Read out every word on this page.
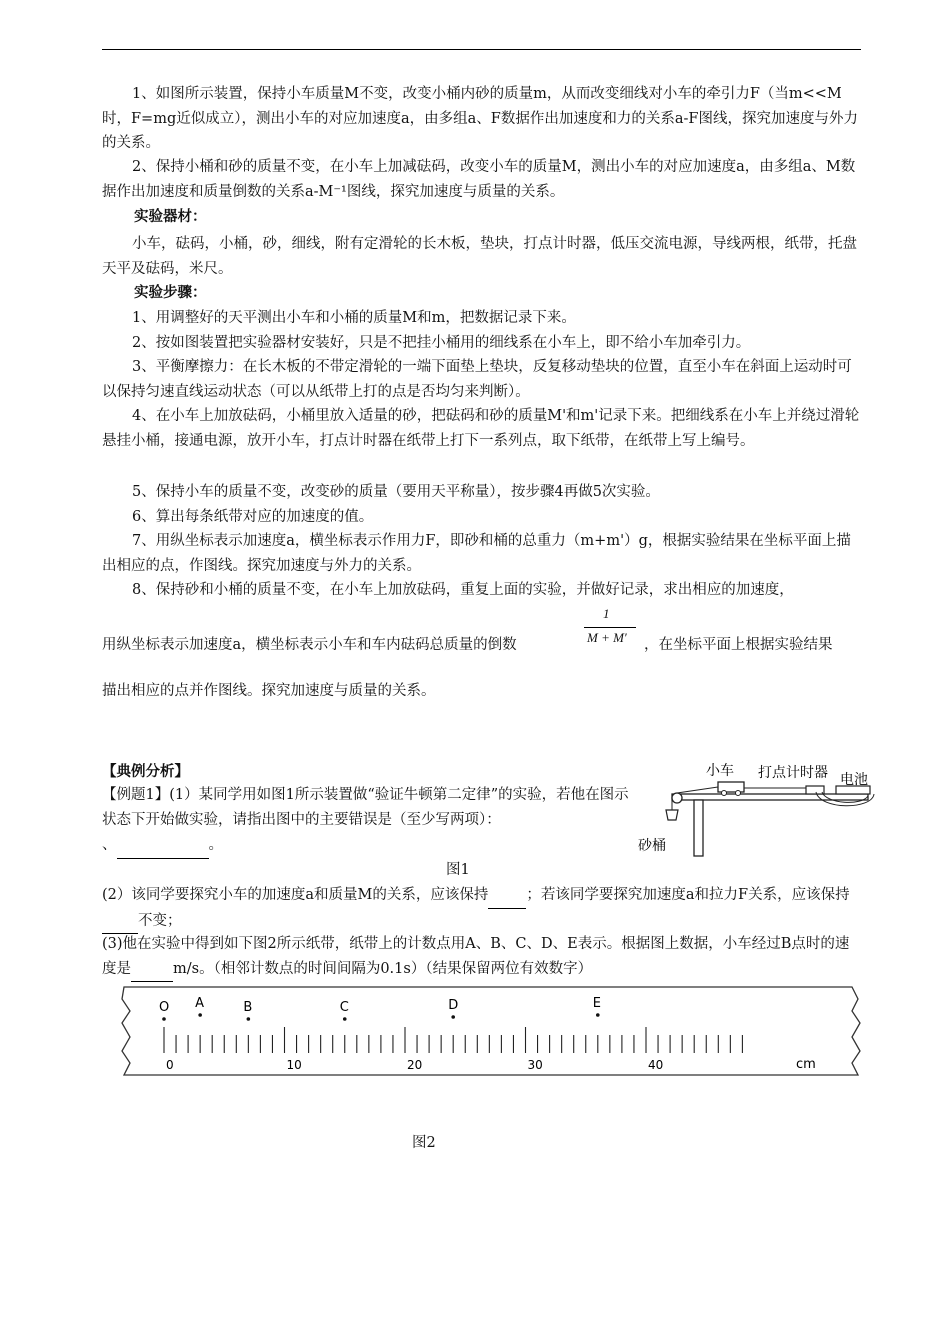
1、如图所示装置，保持小车质量M不变，改变小桶内砂的质量m，从而改变细线对小车的牵引力F（当m<<M时，F=mg近似成立），测出小车的对应加速度a，由多组a、F数据作出加速度和力的关系a-F图线，探究加速度与外力的关系。

2、保持小桶和砂的质量不变，在小车上加减砝码，改变小车的质量M，测出小车的对应加速度a，由多组a、M数据作出加速度和质量倒数的关系a-M⁻¹图线，探究加速度与质量的关系。

实验器材：

小车，砝码，小桶，砂，细线，附有定滑轮的长木板，垫块，打点计时器，低压交流电源，导线两根，纸带，托盘天平及砝码，米尺。

实验步骤：

1、用调整好的天平测出小车和小桶的质量M和m，把数据记录下来。

2、按如图装置把实验器材安装好，只是不把挂小桶用的细线系在小车上，即不给小车加牵引力。

3、平衡摩擦力：在长木板的不带定滑轮的一端下面垫上垫块，反复移动垫块的位置，直至小车在斜面上运动时可以保持匀速直线运动状态（可以从纸带上打的点是否均匀来判断）。

4、在小车上加放砝码，小桶里放入适量的砂，把砝码和砂的质量M'和m'记录下来。把细线系在小车上并绕过滑轮悬挂小桶，接通电源，放开小车，打点计时器在纸带上打下一系列点，取下纸带，在纸带上写上编号。

5、保持小车的质量不变，改变砂的质量（要用天平称量），按步骤4再做5次实验。

6、算出每条纸带对应的加速度的值。

7、用纵坐标表示加速度a，横坐标表示作用力F，即砂和桶的总重力（m+m'）g，根据实验结果在坐标平面上描出相应的点，作图线。探究加速度与外力的关系。

8、保持砂和小桶的质量不变，在小车上加放砝码，重复上面的实验，并做好记录，求出相应的加速度，

用纵坐标表示加速度a，横坐标表示小车和车内砝码总质量的倒数
1
M + M′ ，在坐标平面上根据实验结果
描出相应的点并作图线。探究加速度与质量的关系。
【典例分析】

【例题1】(1）某同学用如图1所示装置做“验证牛顿第二定律”的实验，若他在图示状态下开始做实验，请指出图中的主要错误是（至少写两项）：

、	。
图1

(2）该同学要探究小车的加速度a和质量M的关系，应该保持	；若该同学要探究加速度a和拉力F关系，应该保持 不变；

(3)他在实验中得到如下图2所示纸带，纸带上的计数点用A、B、C、D、E表示。根据图上数据，小车经过B点时的速度是	m/s。（相邻计数点的时间间隔为0.1s）（结果保留两位有效数字）

小车 打点计时器 电池
砂桶
0	10	20	30	40
O A	B	C	D	E
cm
图2
